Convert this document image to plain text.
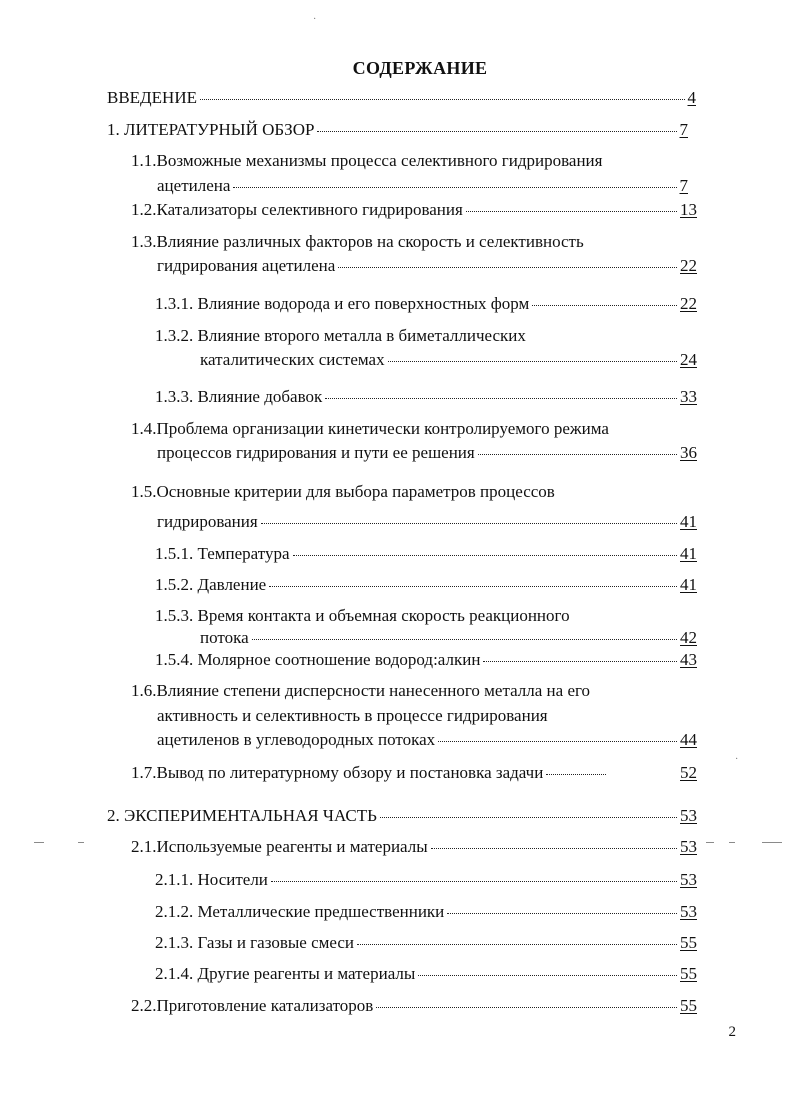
СОДЕРЖАНИЕ
ВВЕДЕНИЕ	4
1. ЛИТЕРАТУРНЫЙ ОБЗОР	7
1.1.Возможные механизмы процесса селективного гидрирования
ацетилена	7
1.2.Катализаторы селективного гидрирования	13
1.3.Влияние различных факторов на скорость и селективность
гидрирования ацетилена	22
1.3.1. Влияние водорода и его поверхностных форм	22
1.3.2. Влияние второго металла в биметаллических
каталитических системах	24
1.3.3. Влияние добавок	33
1.4.Проблема организации кинетически контролируемого режима
процессов гидрирования и пути ее решения	36
1.5.Основные критерии для выбора параметров процессов
гидрирования	41
1.5.1. Температура	41
1.5.2. Давление	41
1.5.3. Время контакта и объемная скорость реакционного
потока	42
1.5.4. Молярное соотношение водород:алкин	43
1.6.Влияние степени дисперсности нанесенного металла на его
активность и селективность в процессе гидрирования
ацетиленов в углеводородных потоках	44
1.7.Вывод по литературному обзору и постановка задачи	52
2. ЭКСПЕРИМЕНТАЛЬНАЯ ЧАСТЬ	53
2.1.Используемые реагенты и материалы	53
2.1.1. Носители	53
2.1.2. Металлические предшественники	53
2.1.3. Газы и газовые смеси	55
2.1.4. Другие реагенты и материалы	55
2.2.Приготовление катализаторов	55
2
·
·
